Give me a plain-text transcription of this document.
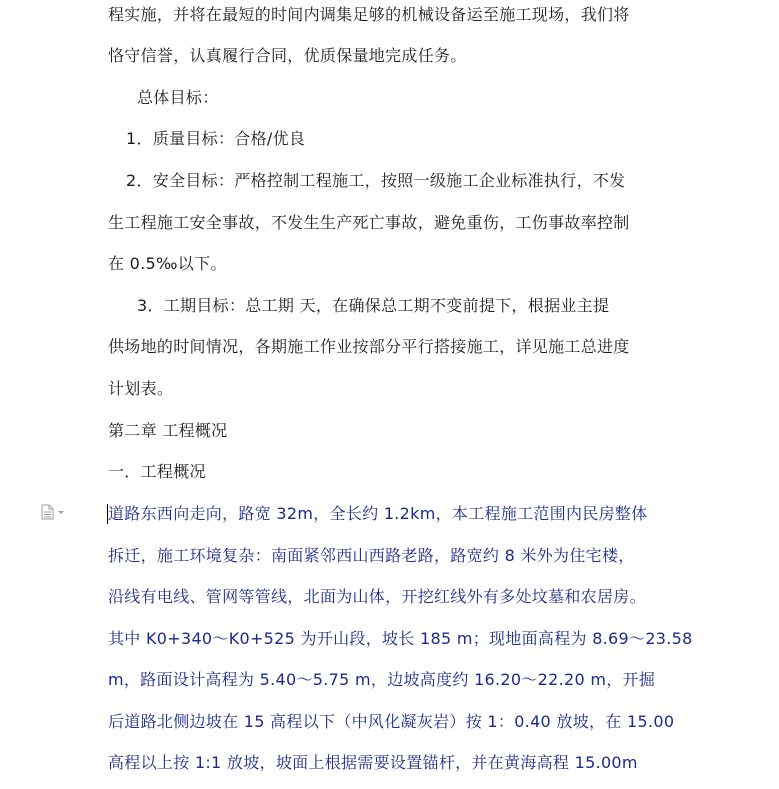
程实施，并将在最短的时间内调集足够的机械设备运至施工现场，我们将
恪守信誉，认真履行合同，优质保量地完成任务。
总体目标：
1．质量目标：合格/优良
2．安全目标：严格控制工程施工，按照一级施工企业标准执行，不发
生工程施工安全事故，不发生生产死亡事故，避免重伤，工伤事故率控制
在 0.5‰以下。
3．工期目标：总工期 天，在确保总工期不变前提下，根据业主提
供场地的时间情况，各期施工作业按部分平行搭接施工，详见施工总进度
计划表。
第二章 工程概况
一．工程概况
道路东西向走向，路宽 32m，全长约 1.2km，本工程施工范围内民房整体
拆迁，施工环境复杂：南面紧邻西山西路老路，路宽约 8 米外为住宅楼，
沿线有电线、管网等管线，北面为山体，开挖红线外有多处坟墓和农居房。
其中 K0+340～K0+525 为开山段，坡长 185 m；现地面高程为 8.69～23.58
m，路面设计高程为 5.40～5.75 m，边坡高度约 16.20～22.20 m，开掘
后道路北侧边坡在 15 高程以下（中风化凝灰岩）按 1：0.40 放坡，在 15.00
高程以上按 1:1 放坡，坡面上根据需要设置锚杆，并在黄海高程 15.00m
